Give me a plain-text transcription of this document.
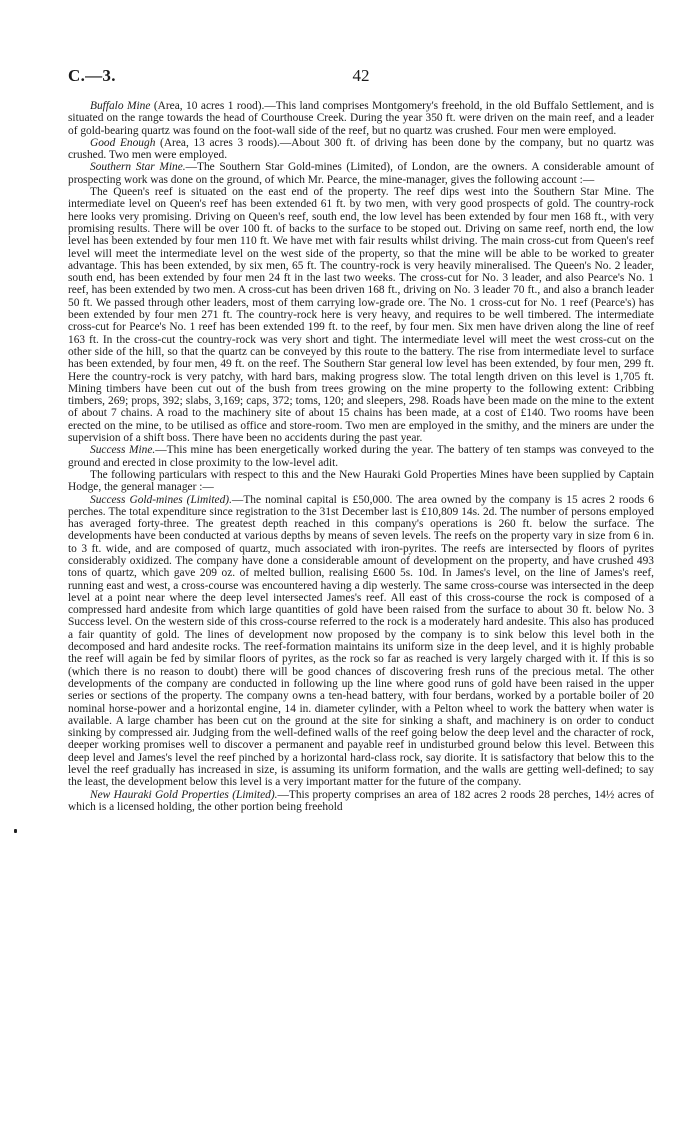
C.—3.	42

Buffalo Mine (Area, 10 acres 1 rood).—This land comprises Montgomery's freehold, in the old Buffalo Settlement, and is situated on the range towards the head of Courthouse Creek. During the year 350 ft. were driven on the main reef, and a leader of gold-bearing quartz was found on the foot-wall side of the reef, but no quartz was crushed. Four men were employed.

Good Enough (Area, 13 acres 3 roods).—About 300 ft. of driving has been done by the company, but no quartz was crushed. Two men were employed.

Southern Star Mine.—The Southern Star Gold-mines (Limited), of London, are the owners. A considerable amount of prospecting work was done on the ground, of which Mr. Pearce, the mine-manager, gives the following account :—

The Queen's reef is situated on the east end of the property. The reef dips west into the Southern Star Mine. The intermediate level on Queen's reef has been extended 61 ft. by two men, with very good prospects of gold. The country-rock here looks very promising. Driving on Queen's reef, south end, the low level has been extended by four men 168 ft., with very promising results. There will be over 100 ft. of backs to the surface to be stoped out. Driving on same reef, north end, the low level has been extended by four men 110 ft. We have met with fair results whilst driving. The main cross-cut from Queen's reef level will meet the intermediate level on the west side of the property, so that the mine will be able to be worked to greater advantage. This has been extended, by six men, 65 ft. The country-rock is very heavily mineralised. The Queen's No. 2 leader, south end, has been extended by four men 24 ft in the last two weeks. The cross-cut for No. 3 leader, and also Pearce's No. 1 reef, has been extended by two men. A cross-cut has been driven 168 ft., driving on No. 3 leader 70 ft., and also a branch leader 50 ft. We passed through other leaders, most of them carrying low-grade ore. The No. 1 cross-cut for No. 1 reef (Pearce's) has been extended by four men 271 ft. The country-rock here is very heavy, and requires to be well timbered. The intermediate cross-cut for Pearce's No. 1 reef has been extended 199 ft. to the reef, by four men. Six men have driven along the line of reef 163 ft. In the cross-cut the country-rock was very short and tight. The intermediate level will meet the west cross-cut on the other side of the hill, so that the quartz can be conveyed by this route to the battery. The rise from intermediate level to surface has been extended, by four men, 49 ft. on the reef. The Southern Star general low level has been extended, by four men, 299 ft. Here the country-rock is very patchy, with hard bars, making progress slow. The total length driven on this level is 1,705 ft. Mining timbers have been cut out of the bush from trees growing on the mine property to the following extent: Cribbing timbers, 269; props, 392; slabs, 3,169; caps, 372; toms, 120; and sleepers, 298. Roads have been made on the mine to the extent of about 7 chains. A road to the machinery site of about 15 chains has been made, at a cost of £140. Two rooms have been erected on the mine, to be utilised as office and store-room. Two men are employed in the smithy, and the miners are under the supervision of a shift boss. There have been no accidents during the past year.

Success Mine.—This mine has been energetically worked during the year. The battery of ten stamps was conveyed to the ground and erected in close proximity to the low-level adit.

The following particulars with respect to this and the New Hauraki Gold Properties Mines have been supplied by Captain Hodge, the general manager :—

Success Gold-mines (Limited).—The nominal capital is £50,000. The area owned by the company is 15 acres 2 roods 6 perches. The total expenditure since registration to the 31st December last is £10,809 14s. 2d. The number of persons employed has averaged forty-three. The greatest depth reached in this company's operations is 260 ft. below the surface. The developments have been conducted at various depths by means of seven levels. The reefs on the property vary in size from 6 in. to 3 ft. wide, and are composed of quartz, much associated with iron-pyrites. The reefs are intersected by floors of pyrites considerably oxidized. The company have done a considerable amount of development on the property, and have crushed 493 tons of quartz, which gave 209 oz. of melted bullion, realising £600 5s. 10d. In James's level, on the line of James's reef, running east and west, a cross-course was encountered having a dip westerly. The same cross-course was intersected in the deep level at a point near where the deep level intersected James's reef. All east of this cross-course the rock is composed of a compressed hard andesite from which large quantities of gold have been raised from the surface to about 30 ft. below No. 3 Success level. On the western side of this cross-course referred to the rock is a moderately hard andesite. This also has produced a fair quantity of gold. The lines of development now proposed by the company is to sink below this level both in the decomposed and hard andesite rocks. The reef-formation maintains its uniform size in the deep level, and it is highly probable the reef will again be fed by similar floors of pyrites, as the rock so far as reached is very largely charged with it. If this is so (which there is no reason to doubt) there will be good chances of discovering fresh runs of the precious metal. The other developments of the company are conducted in following up the line where good runs of gold have been raised in the upper series or sections of the property. The company owns a ten-head battery, with four berdans, worked by a portable boiler of 20 nominal horse-power and a horizontal engine, 14 in. diameter cylinder, with a Pelton wheel to work the battery when water is available. A large chamber has been cut on the ground at the site for sinking a shaft, and machinery is on order to conduct sinking by compressed air. Judging from the well-defined walls of the reef going below the deep level and the character of rock, deeper working promises well to discover a permanent and payable reef in undisturbed ground below this level. Between this deep level and James's level the reef pinched by a horizontal hard-class rock, say diorite. It is satisfactory that below this to the level the reef gradually has increased in size, is assuming its uniform formation, and the walls are getting well-defined; to say the least, the development below this level is a very important matter for the future of the company.

New Hauraki Gold Properties (Limited).—This property comprises an area of 182 acres 2 roods 28 perches, 14½ acres of which is a licensed holding, the other portion being freehold
